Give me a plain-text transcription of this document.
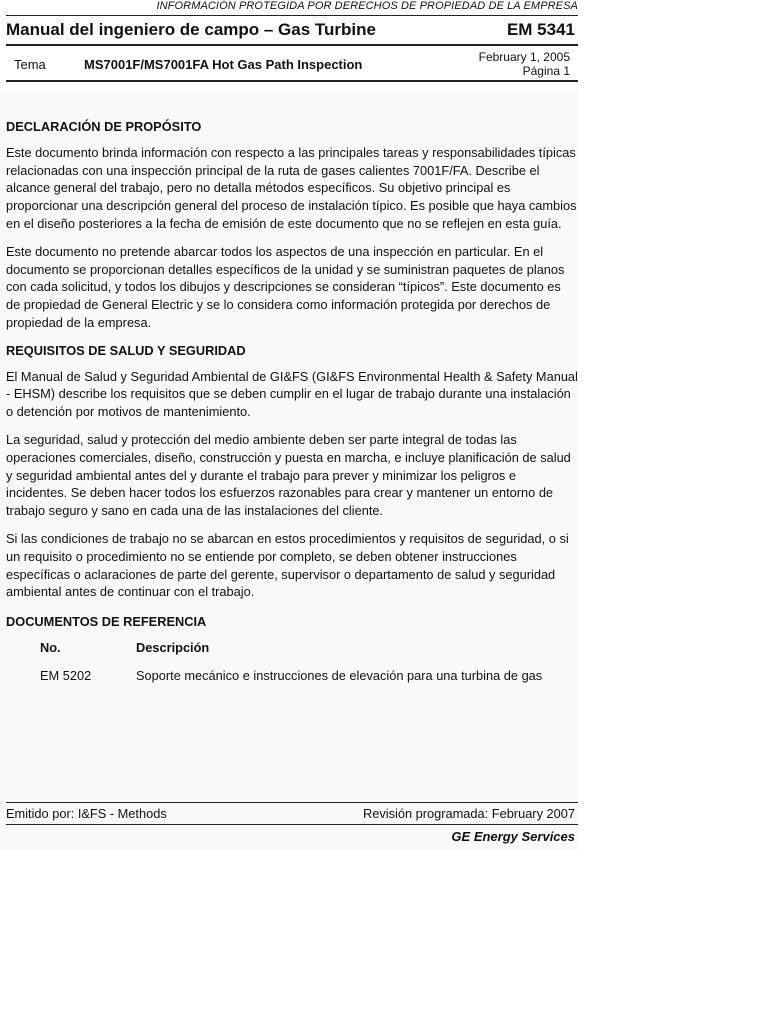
INFORMACIÓN PROTEGIDA POR DERECHOS DE PROPIEDAD DE LA EMPRESA
Manual del ingeniero de campo – Gas Turbine	EM 5341
Tema	MS7001F/MS7001FA Hot Gas Path Inspection	February 1, 2005
Página 1
DECLARACIÓN DE PROPÓSITO

Este documento brinda información con respecto a las principales tareas y responsabilidades típicas relacionadas con una inspección principal de la ruta de gases calientes 7001F/FA. Describe el alcance general del trabajo, pero no detalla métodos específicos. Su objetivo principal es proporcionar una descripción general del proceso de instalación típico. Es posible que haya cambios en el diseño posteriores a la fecha de emisión de este documento que no se reflejen en esta guía.

Este documento no pretende abarcar todos los aspectos de una inspección en particular. En el documento se proporcionan detalles específicos de la unidad y se suministran paquetes de planos con cada solicitud, y todos los dibujos y descripciones se consideran “típicos”. Este documento es de propiedad de General Electric y se lo considera como información protegida por derechos de propiedad de la empresa.

REQUISITOS DE SALUD Y SEGURIDAD

El Manual de Salud y Seguridad Ambiental de GI&FS (GI&FS Environmental Health & Safety Manual - EHSM) describe los requisitos que se deben cumplir en el lugar de trabajo durante una instalación o detención por motivos de mantenimiento.

La seguridad, salud y protección del medio ambiente deben ser parte integral de todas las operaciones comerciales, diseño, construcción y puesta en marcha, e incluye planificación de salud y seguridad ambiental antes del y durante el trabajo para prever y minimizar los peligros e incidentes. Se deben hacer todos los esfuerzos razonables para crear y mantener un entorno de trabajo seguro y sano en cada una de las instalaciones del cliente.

Si las condiciones de trabajo no se abarcan en estos procedimientos y requisitos de seguridad, o si un requisito o procedimiento no se entiende por completo, se deben obtener instrucciones específicas o aclaraciones de parte del gerente, supervisor o departamento de salud y seguridad ambiental antes de continuar con el trabajo.

DOCUMENTOS DE REFERENCIA
No.	Descripción
EM 5202	Soporte mecánico e instrucciones de elevación para una turbina de gas
Emitido por: I&FS - Methods	Revisión programada: February 2007
GE Energy Services
